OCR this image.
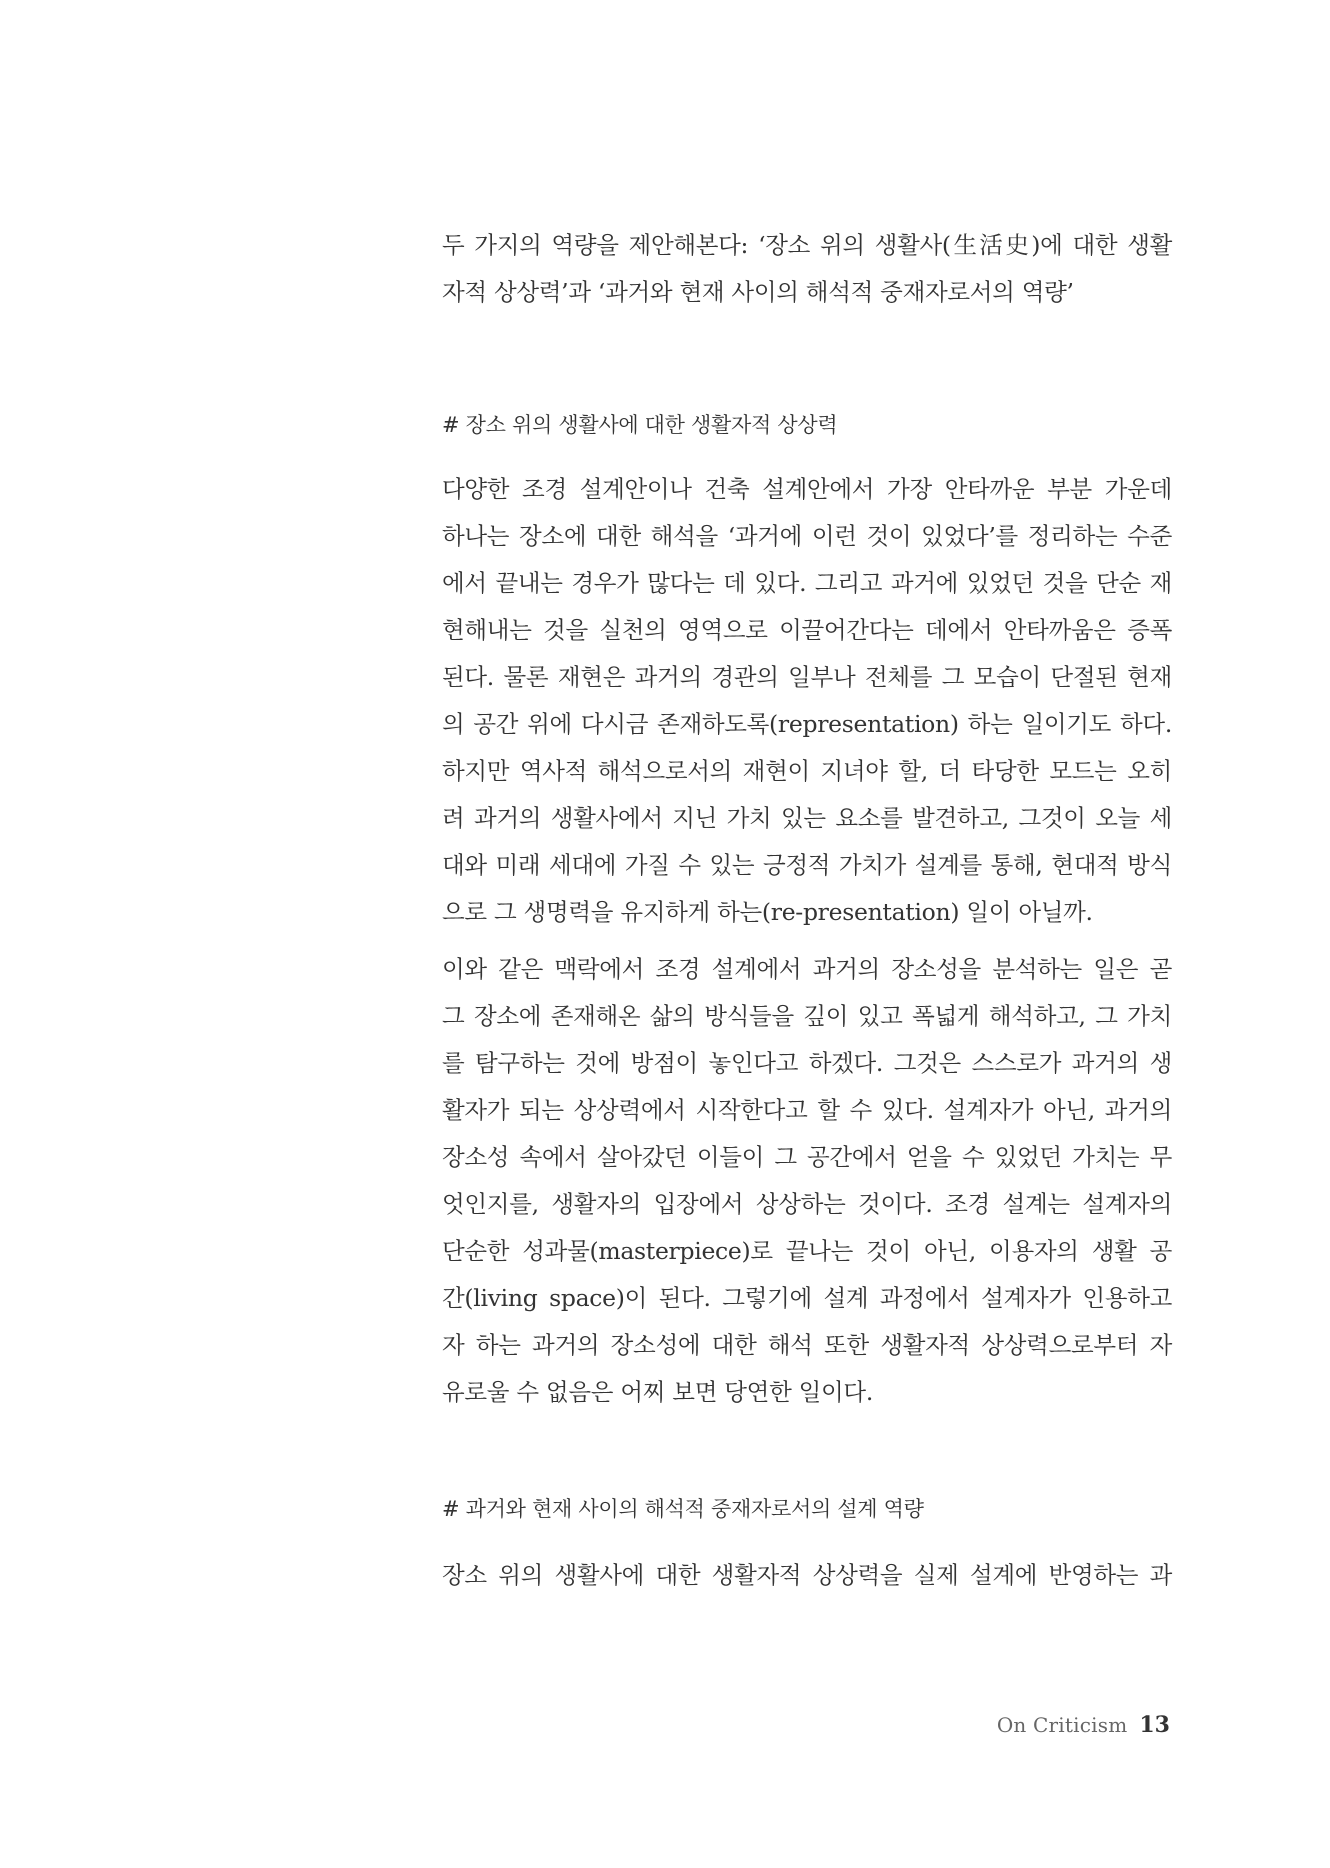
두 가지의 역량을 제안해본다: ‘장소 위의 생활사(生活史)에 대한 생활
자적 상상력’과 ‘과거와 현재 사이의 해석적 중재자로서의 역량’
# 장소 위의 생활사에 대한 생활자적 상상력
다양한 조경 설계안이나 건축 설계안에서 가장 안타까운 부분 가운데
하나는 장소에 대한 해석을 ‘과거에 이런 것이 있었다’를 정리하는 수준
에서 끝내는 경우가 많다는 데 있다. 그리고 과거에 있었던 것을 단순 재
현해내는 것을 실천의 영역으로 이끌어간다는 데에서 안타까움은 증폭
된다. 물론 재현은 과거의 경관의 일부나 전체를 그 모습이 단절된 현재
의 공간 위에 다시금 존재하도록(representation) 하는 일이기도 하다.
하지만 역사적 해석으로서의 재현이 지녀야 할, 더 타당한 모드는 오히
려 과거의 생활사에서 지닌 가치 있는 요소를 발견하고, 그것이 오늘 세
대와 미래 세대에 가질 수 있는 긍정적 가치가 설계를 통해, 현대적 방식
으로 그 생명력을 유지하게 하는(re-presentation) 일이 아닐까.
이와 같은 맥락에서 조경 설계에서 과거의 장소성을 분석하는 일은 곧
그 장소에 존재해온 삶의 방식들을 깊이 있고 폭넓게 해석하고, 그 가치
를 탐구하는 것에 방점이 놓인다고 하겠다. 그것은 스스로가 과거의 생
활자가 되는 상상력에서 시작한다고 할 수 있다. 설계자가 아닌, 과거의
장소성 속에서 살아갔던 이들이 그 공간에서 얻을 수 있었던 가치는 무
엇인지를, 생활자의 입장에서 상상하는 것이다. 조경 설계는 설계자의
단순한 성과물(masterpiece)로 끝나는 것이 아닌, 이용자의 생활 공
간(living space)이 된다. 그렇기에 설계 과정에서 설계자가 인용하고
자 하는 과거의 장소성에 대한 해석 또한 생활자적 상상력으로부터 자
유로울 수 없음은 어찌 보면 당연한 일이다.
# 과거와 현재 사이의 해석적 중재자로서의 설계 역량
장소 위의 생활사에 대한 생활자적 상상력을 실제 설계에 반영하는 과
On Criticism 13
